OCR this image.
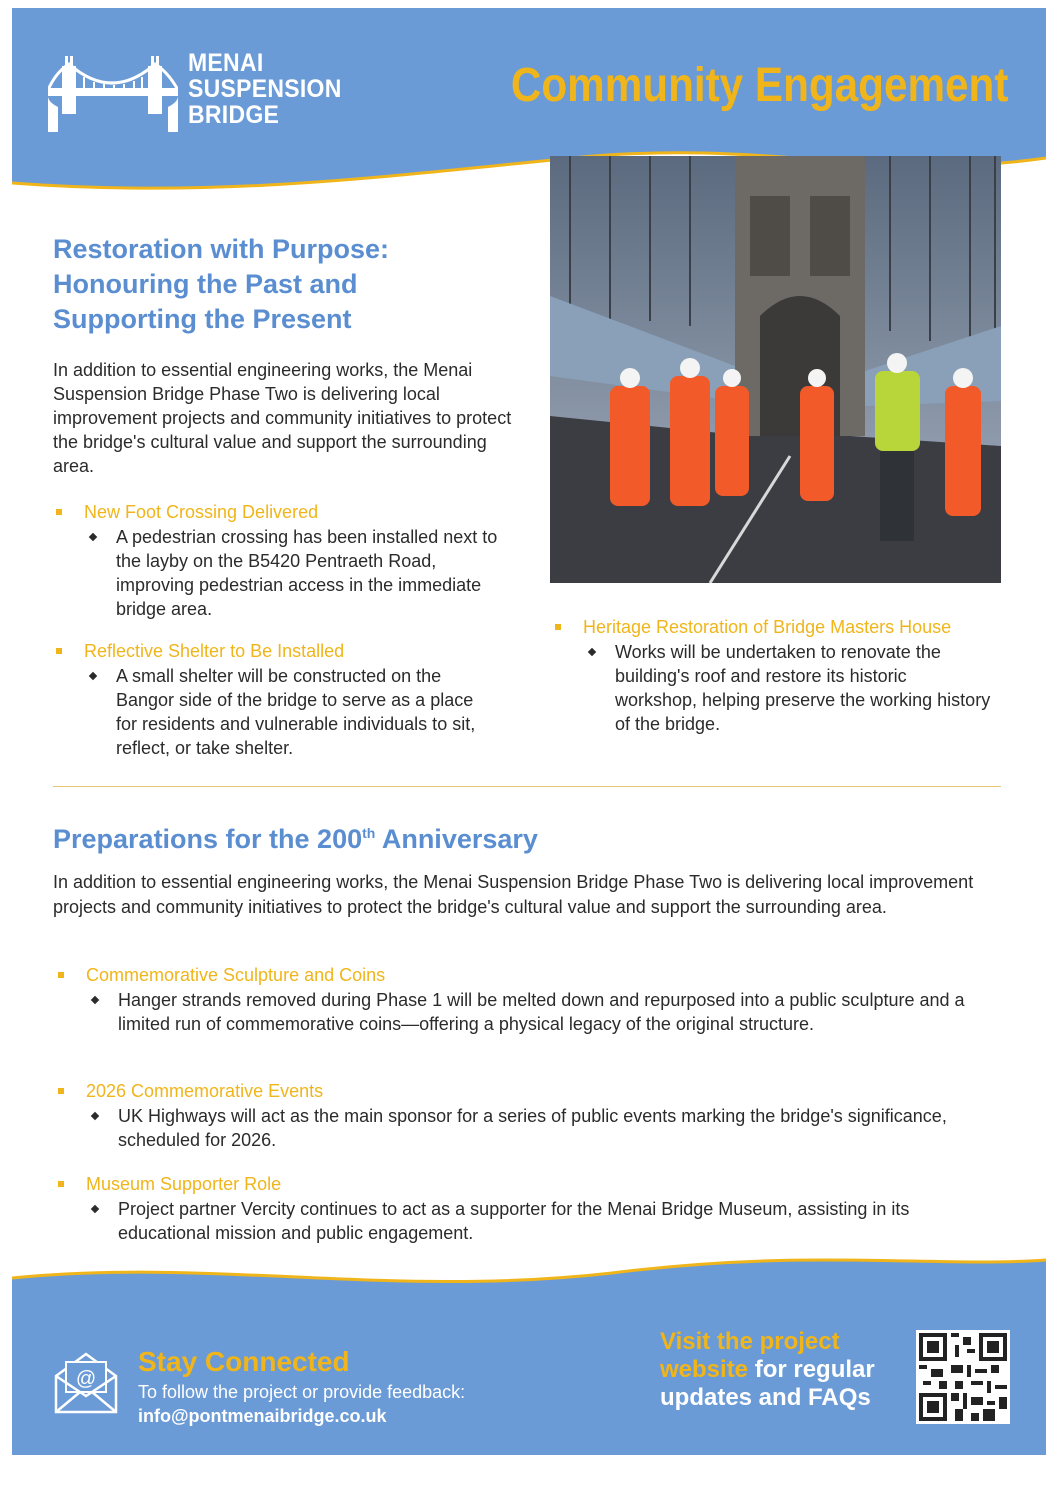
MENAI
SUSPENSION
BRIDGE
Community Engagement
Restoration with Purpose:
Honouring the Past and
Supporting the Present

In addition to essential engineering works, the Menai Suspension Bridge Phase Two is delivering local improvement projects and community initiatives to protect the bridge's cultural value and support the surrounding area.

New Foot Crossing Delivered
A pedestrian crossing has been installed next to the layby on the B5420 Pentraeth Road, improving pedestrian access in the immediate bridge area.
Reflective Shelter to Be Installed
A small shelter will be constructed on the Bangor side of the bridge to serve as a place for residents and vulnerable individuals to sit, reflect, or take shelter.
Heritage Restoration of Bridge Masters House
Works will be undertaken to renovate the building's roof and restore its historic workshop, helping preserve the working history of the bridge.
Preparations for the 200th Anniversary

In addition to essential engineering works, the Menai Suspension Bridge Phase Two is delivering local improvement projects and community initiatives to protect the bridge's cultural value and support the surrounding area.

Commemorative Sculpture and Coins
Hanger strands removed during Phase 1 will be melted down and repurposed into a public sculpture and a limited run of commemorative coins—offering a physical legacy of the original structure.
2026 Commemorative Events
UK Highways will act as the main sponsor for a series of public events marking the bridge's significance, scheduled for 2026.
Museum Supporter Role
Project partner Vercity continues to act as a supporter for the Menai Bridge Museum, assisting in its educational mission and public engagement.
@
Stay Connected
To follow the project or provide feedback:
info@pontmenaibridge.co.uk
Visit the project website for regular updates and FAQs
